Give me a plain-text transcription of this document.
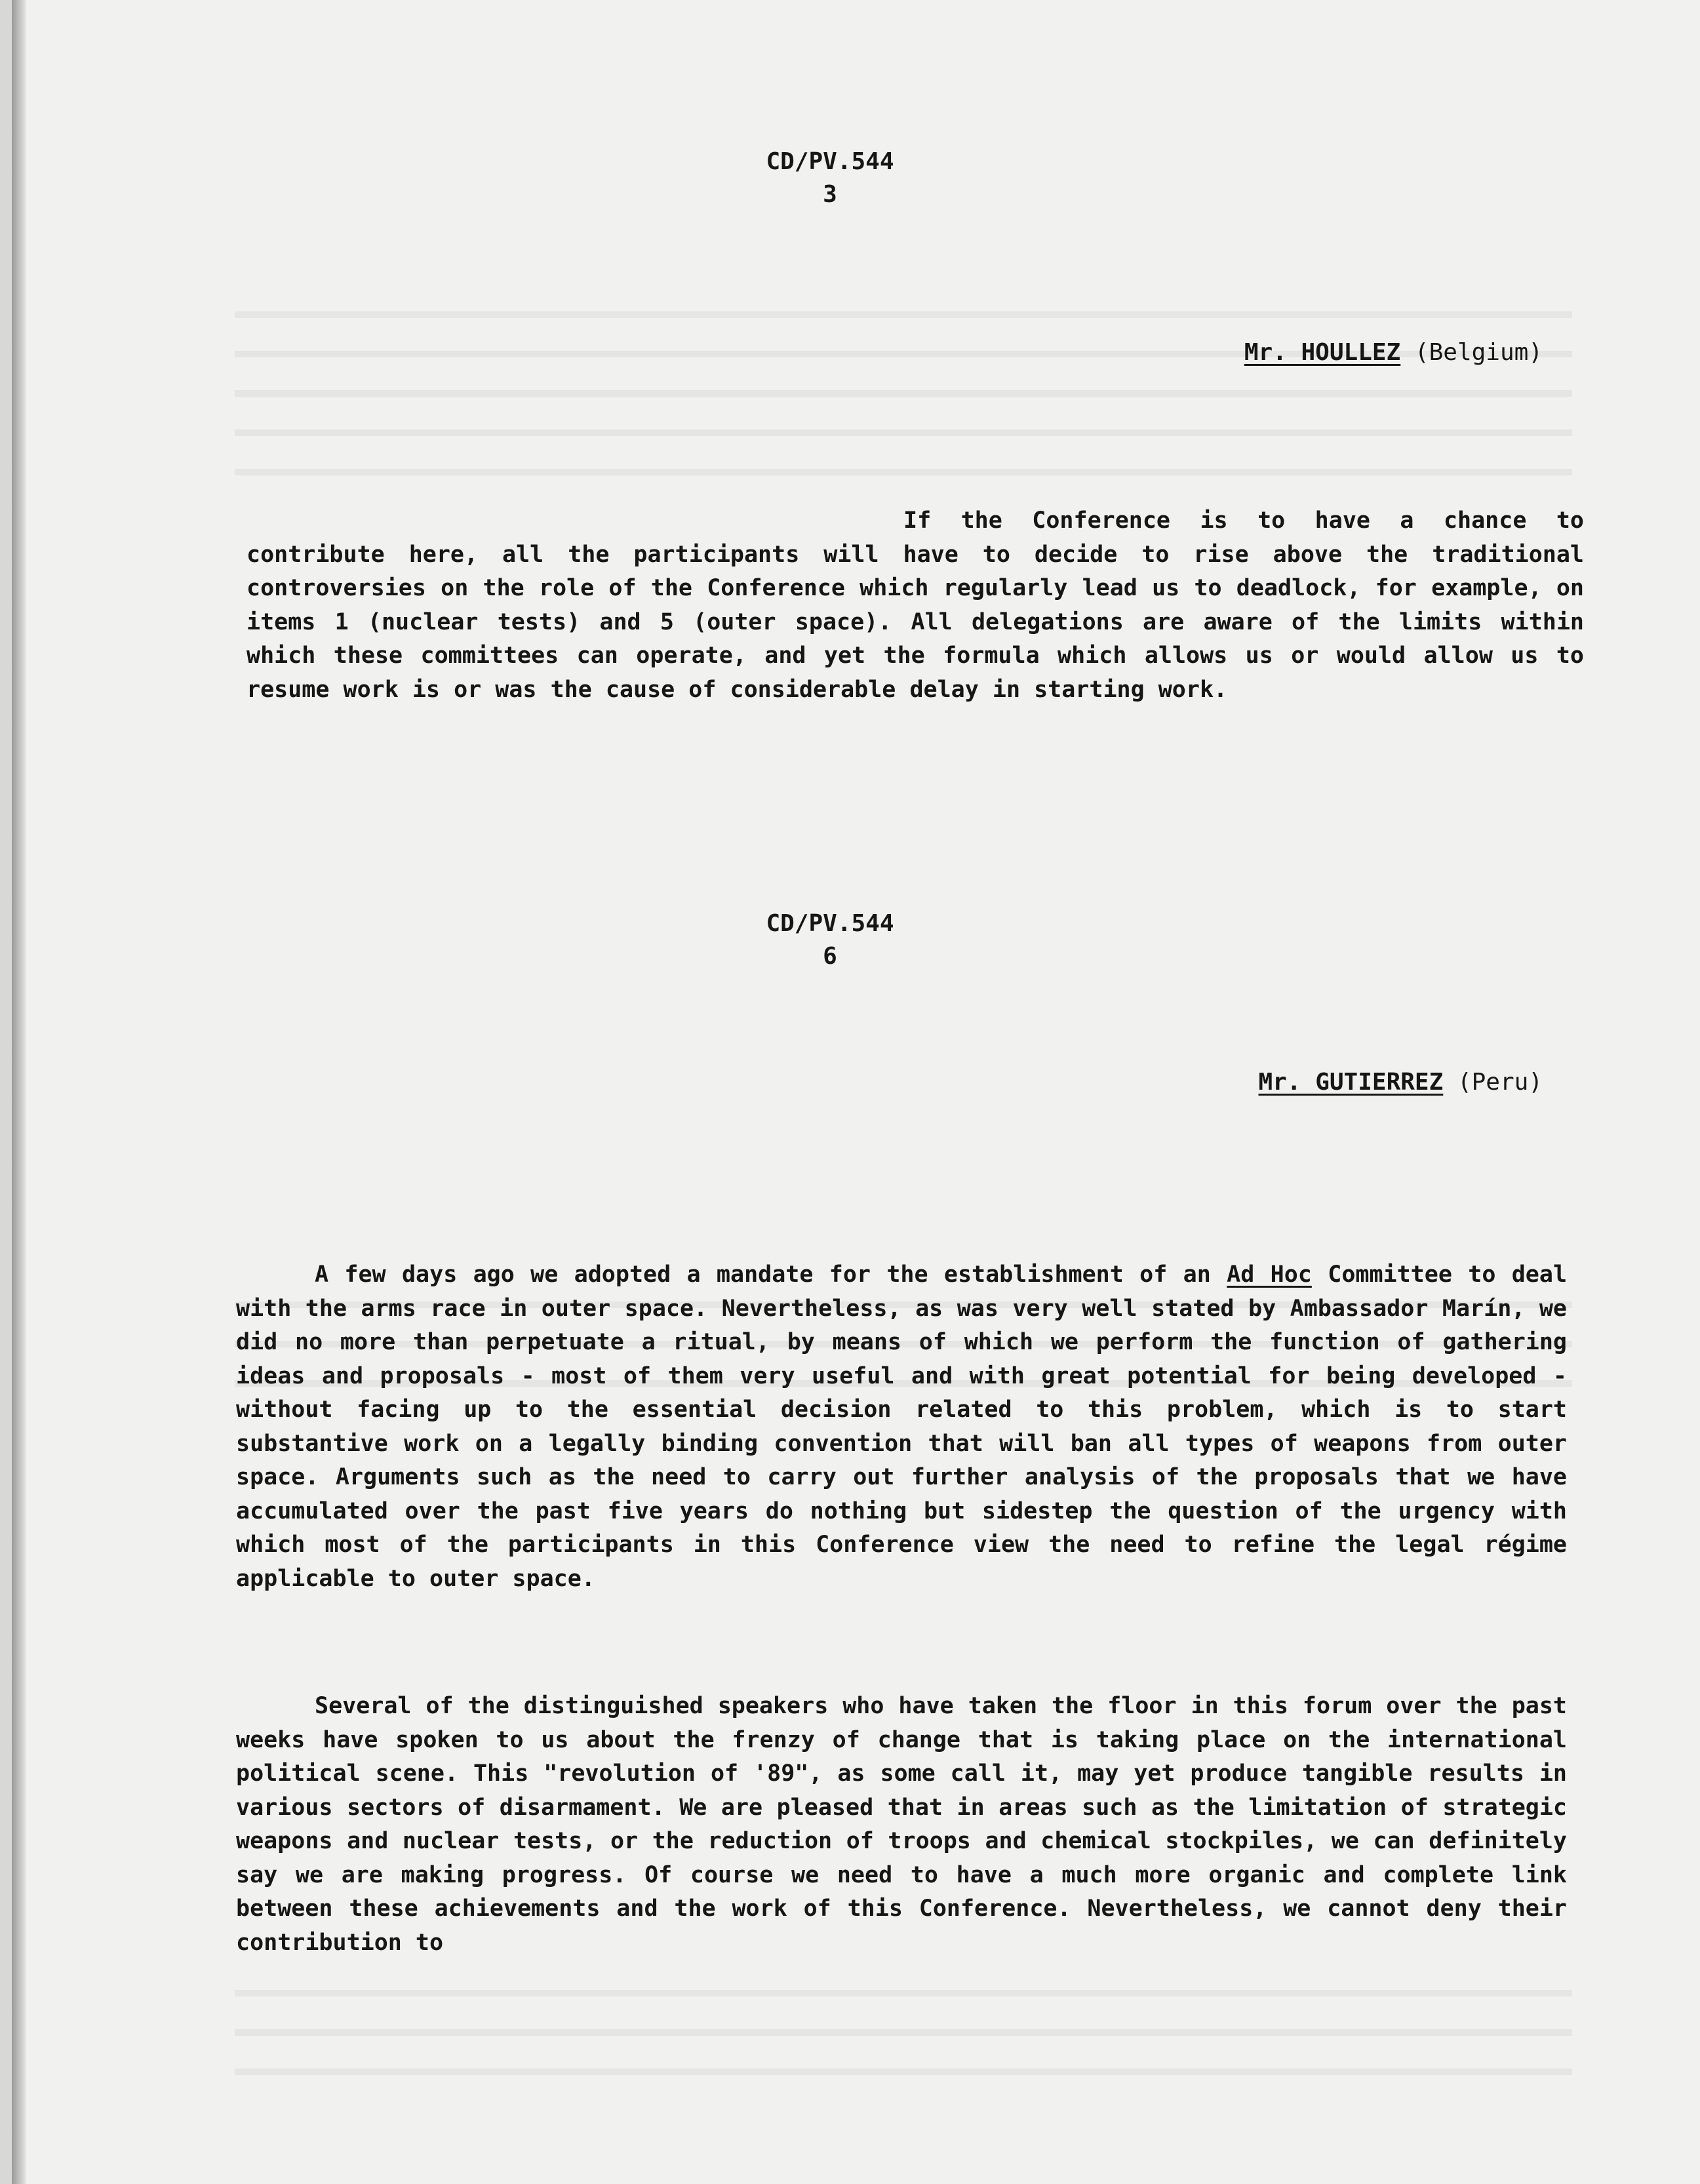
CD/PV.544
3
Mr. HOULLEZ (Belgium)
If the Conference is to have a chance to contribute here, all the participants will have to decide to rise above the traditional controversies on the role of the Conference which regularly lead us to deadlock, for example, on items 1 (nuclear tests) and 5 (outer space). All delegations are aware of the limits within which these committees can operate, and yet the formula which allows us or would allow us to resume work is or was the cause of considerable delay in starting work.
CD/PV.544
6
Mr. GUTIERREZ (Peru)
A few days ago we adopted a mandate for the establishment of an Ad Hoc Committee to deal with the arms race in outer space. Nevertheless, as was very well stated by Ambassador Marín, we did no more than perpetuate a ritual, by means of which we perform the function of gathering ideas and proposals - most of them very useful and with great potential for being developed - without facing up to the essential decision related to this problem, which is to start substantive work on a legally binding convention that will ban all types of weapons from outer space. Arguments such as the need to carry out further analysis of the proposals that we have accumulated over the past five years do nothing but sidestep the question of the urgency with which most of the participants in this Conference view the need to refine the legal régime applicable to outer space.
Several of the distinguished speakers who have taken the floor in this forum over the past weeks have spoken to us about the frenzy of change that is taking place on the international political scene. This "revolution of '89", as some call it, may yet produce tangible results in various sectors of disarmament. We are pleased that in areas such as the limitation of strategic weapons and nuclear tests, or the reduction of troops and chemical stockpiles, we can definitely say we are making progress. Of course we need to have a much more organic and complete link between these achievements and the work of this Conference. Nevertheless, we cannot deny their contribution to
